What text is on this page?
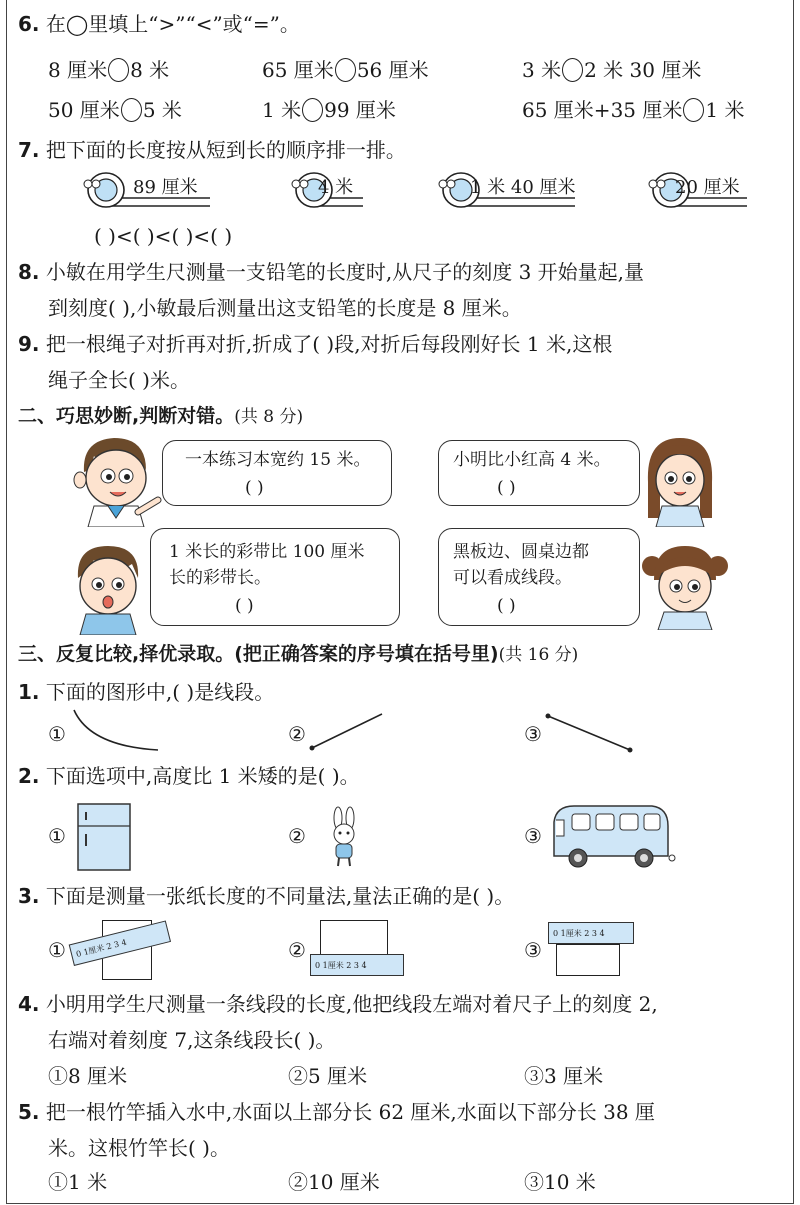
6. 在◯里填上“>”“<”或“=”。
8 厘米 8 米	65 厘米 56 厘米	3 米 2 米 30 厘米
50 厘米 5 米	1 米 99 厘米	65 厘米+35 厘米 1 米
7. 把下面的长度按从短到长的顺序排一排。
89 厘米	4 米	1 米 40 厘米	20 厘米
( )<( )<( )<( )
8. 小敏在用学生尺测量一支铅笔的长度时,从尺子的刻度 3 开始量起,量
到刻度( ),小敏最后测量出这支铅笔的长度是 8 厘米。
9. 把一根绳子对折再对折,折成了( )段,对折后每段刚好长 1 米,这根
绳子全长( )米。
二、巧思妙断,判断对错。(共 8 分)
一本练习本宽约 15 米。
( )
小明比小红高 4 米。
( )
1 米长的彩带比 100 厘米
长的彩带长。
( )
黑板边、圆桌边都
可以看成线段。
( )
三、反复比较,择优录取。(把正确答案的序号填在括号里)(共 16 分)
1. 下面的图形中,( )是线段。
①	②	③
2. 下面选项中,高度比 1 米矮的是( )。
①	②	③
3. 下面是测量一张纸长度的不同量法,量法正确的是( )。
①	②	③
0 1厘米 2 3 4
0 1厘米 2 3 4
0 1厘米 2 3 4
4. 小明用学生尺测量一条线段的长度,他把线段左端对着尺子上的刻度 2,
右端对着刻度 7,这条线段长( )。
①8 厘米	②5 厘米	③3 厘米
5. 把一根竹竿插入水中,水面以上部分长 62 厘米,水面以下部分长 38 厘
米。这根竹竿长( )。
①1 米	②10 厘米	③10 米
